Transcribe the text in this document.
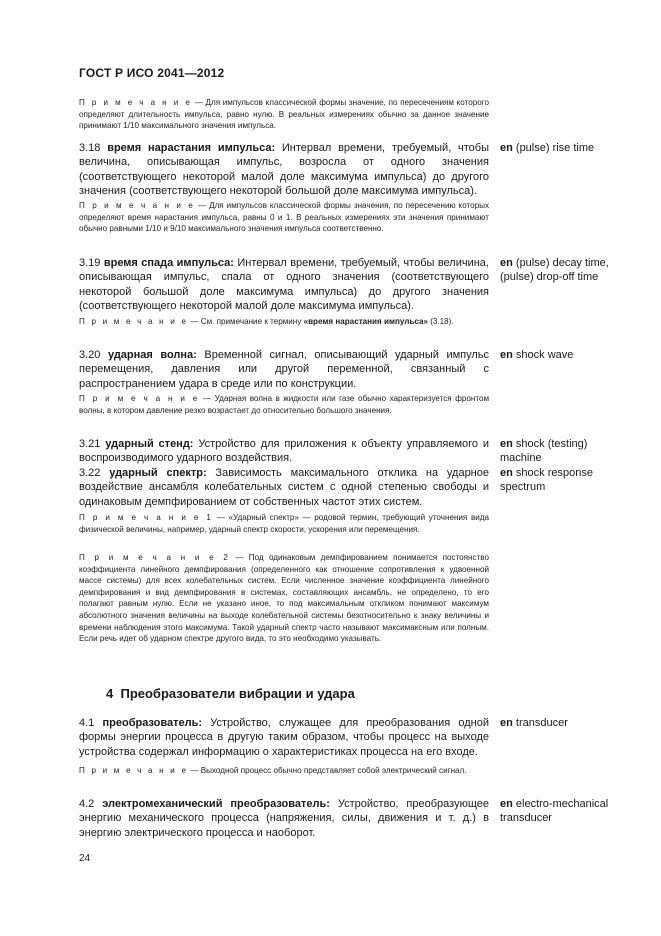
ГОСТ Р ИСО 2041—2012
П р и м е ч а н и е — Для импульсов классической формы значение, по пересечениям которого определяют длительность импульса, равно нулю. В реальных измерениях обычно за данное значение принимают 1/10 максимального значения импульса.
3.18 время нарастания импульса: Интервал времени, требуемый, чтобы величина, описывающая импульс, возросла от одного значения (соответствующего некоторой малой доле максимума импульса) до другого значения (соответствующего некоторой большой доле максимума импульса).
en (pulse) rise time
П р и м е ч а н и е — Для импульсов классической формы значения, по пересечению которых определяют время нарастания импульса, равны 0 и 1. В реальных измерениях эти значения принимают обычно равными 1/10 и 9/10 максимального значения импульса соответственно.
3.19 время спада импульса: Интервал времени, требуемый, чтобы величина, описывающая импульс, спала от одного значения (соответствующего некоторой большой доле максимума импульса) до другого значения (соответствующего некоторой малой доле максимума импульса).
en (pulse) decay time, (pulse) drop-off time
П р и м е ч а н и е — См. примечание к термину «время нарастания импульса» (3.18).
3.20 ударная волна: Временной сигнал, описывающий ударный импульс перемещения, давления или другой переменной, связанный с распространением удара в среде или по конструкции.
en shock wave
П р и м е ч а н и е — Ударная волна в жидкости или газе обычно характеризуется фронтом волны, в котором давление резко возрастает до относительно большого значения.
3.21 ударный стенд: Устройство для приложения к объекту управляемого и воспроизводимого ударного воздействия.
en shock (testing) machine
3.22 ударный спектр: Зависимость максимального отклика на ударное воздействие ансамбля колебательных систем с одной степенью свободы и одинаковым демпфированием от собственных частот этих систем.
en shock response spectrum
П р и м е ч а н и е 1 — «Ударный спектр» — родовой термин, требующий уточнения вида физической величины, например, ударный спектр скорости, ускорения или перемещения.
П р и м е ч а н и е 2 — Под одинаковым демпфированием понимается постоянство коэффициента линейного демпфирования (определенного как отношение сопротивления к удвоенной массе системы) для всех колебательных систем. Если численное значение коэффициента линейного демпфирования и вид демпфирования в системах, составляющих ансамбль, не определено, то его полагают равным нулю. Если не указано иное, то под максимальным откликом понимают максимум абсолютного значения величины на выходе колебательной системы безотносительно к знаку величины и времени наблюдения этого максимума. Такой ударный спектр часто называют максимаксным или полным. Если речь идет об ударном спектре другого вида, то это необходимо указывать.
4 Преобразователи вибрации и удара
4.1 преобразователь: Устройство, служащее для преобразования одной формы энергии процесса в другую таким образом, чтобы процесс на выходе устройства содержал информацию о характеристиках процесса на его входе.
en transducer
П р и м е ч а н и е — Выходной процесс обычно представляет собой электрический сигнал.
4.2 электромеханический преобразователь: Устройство, преобразующее энергию механического процесса (напряжения, силы, движения и т. д.) в энергию электрического процесса и наоборот.
en electro-mechanical transducer
24
